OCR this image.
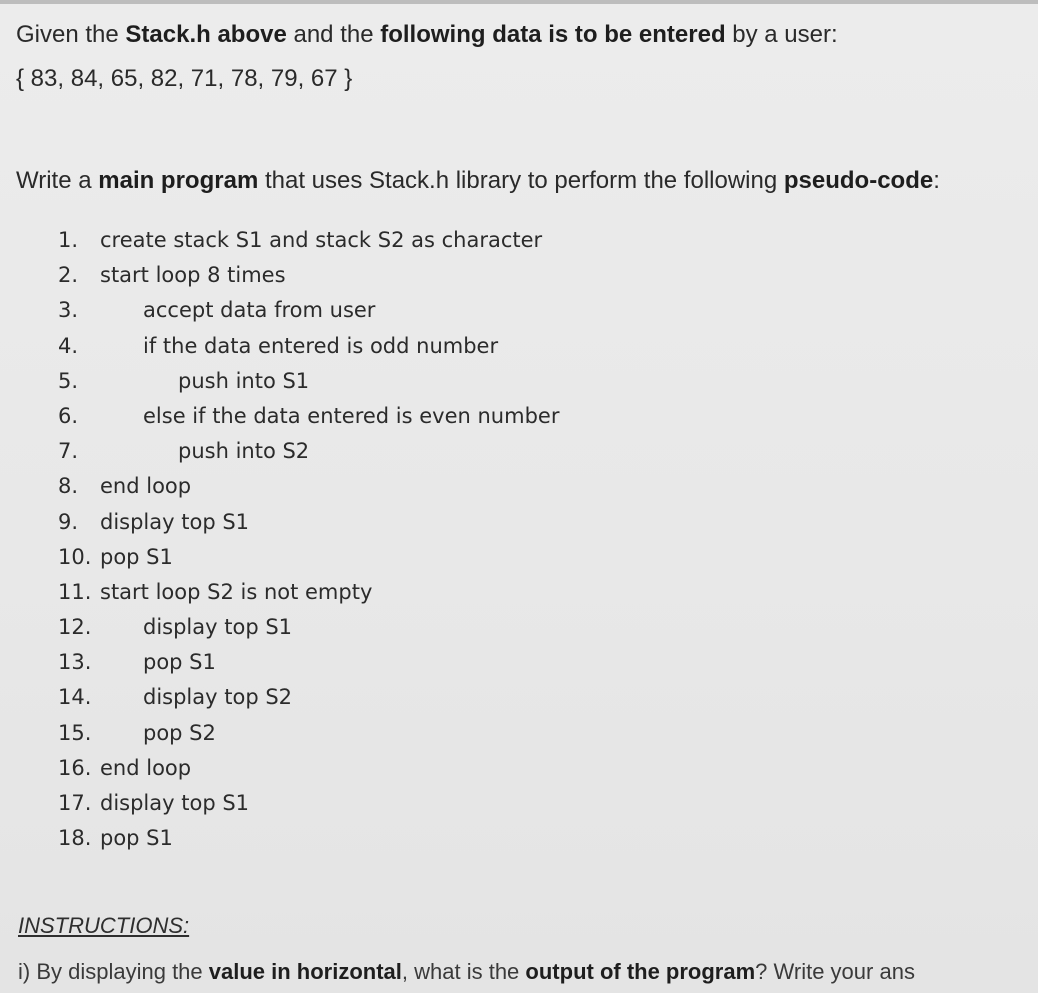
Given the Stack.h above and the following data is to be entered by a user:
{ 83, 84, 65, 82, 71, 78, 79, 67 }
Write a main program that uses Stack.h library to perform the following pseudo-code:
1. create stack S1 and stack S2 as character
2. start loop 8 times
3.	accept data from user
4.	if the data entered is odd number
5.	push into S1
6.	else if the data entered is even number
7.	push into S2
8. end loop
9. display top S1
10. pop S1
11. start loop S2 is not empty
12. display top S1
13. pop S1
14. display top S2
15. pop S2
16. end loop
17. display top S1
18. pop S1
INSTRUCTIONS:
i) By displaying the value in horizontal, what is the output of the program? Write your ans
